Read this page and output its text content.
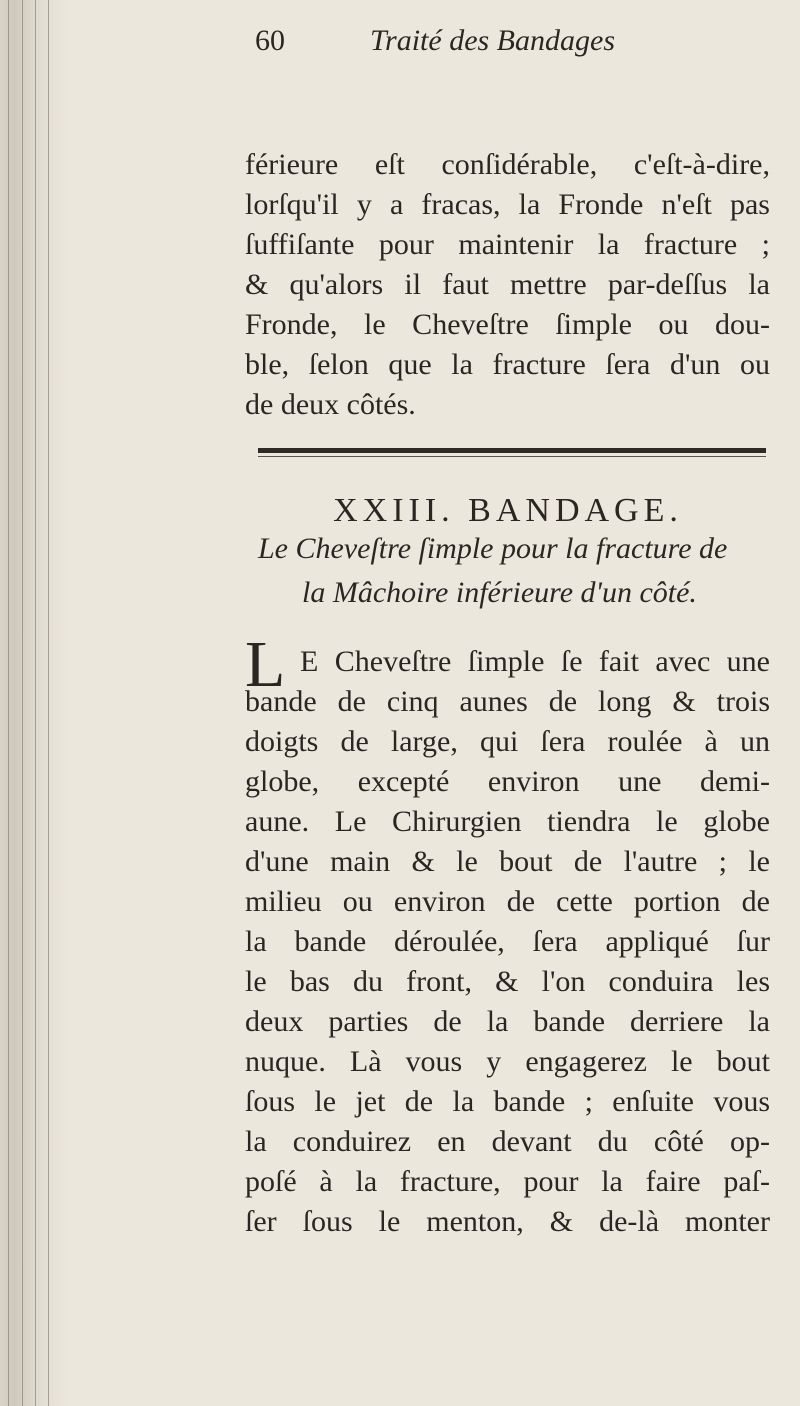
60	Traité des Bandages
férieure eſt conſidérable, c'eſt-à-dire,
lorſqu'il y a fracas, la Fronde n'eſt pas
ſuffiſante pour maintenir la fracture ;
& qu'alors il faut mettre par-deſſus la
Fronde, le Cheveſtre ſimple ou dou-
ble, ſelon que la fracture ſera d'un ou
de deux côtés.
XXIII. BANDAGE.
Le Cheveſtre ſimple pour la fracture de
la Mâchoire inférieure d'un côté.
L E Cheveſtre ſimple ſe fait avec une
bande de cinq aunes de long & trois
doigts de large, qui ſera roulée à un
globe, excepté environ une demi-
aune. Le Chirurgien tiendra le globe
d'une main & le bout de l'autre ; le
milieu ou environ de cette portion de
la bande déroulée, ſera appliqué ſur
le bas du front, & l'on conduira les
deux parties de la bande derriere la
nuque. Là vous y engagerez le bout
ſous le jet de la bande ; enſuite vous
la conduirez en devant du côté op-
poſé à la fracture, pour la faire paſ-
ſer ſous le menton, & de-là monter
